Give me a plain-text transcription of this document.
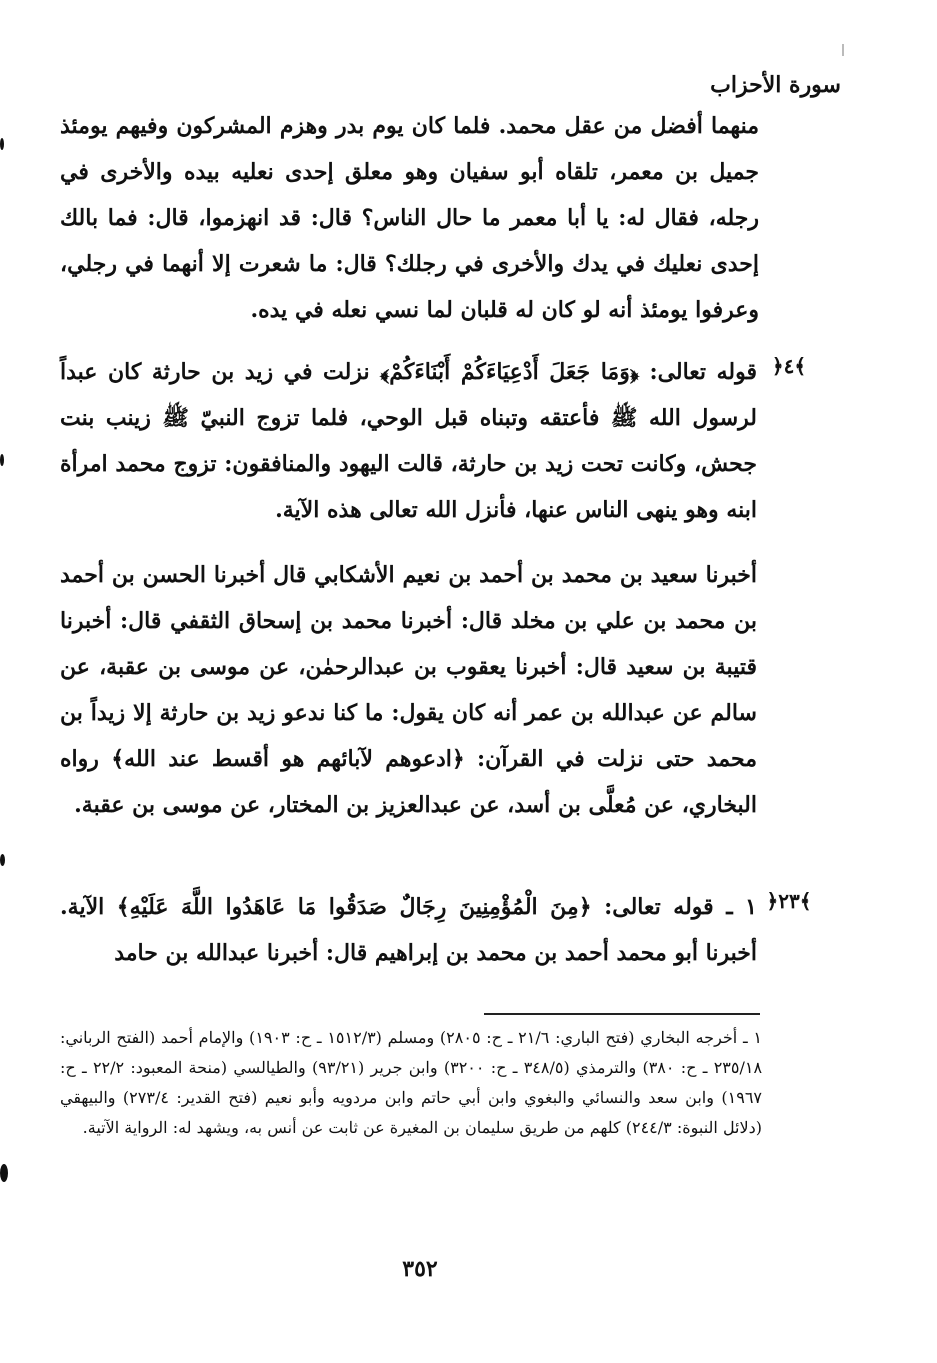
سورة الأحزاب
منهما أفضل من عقل محمد. فلما كان يوم بدر وهزم المشركون وفيهم يومئذ جميل بن معمر، تلقاه أبو سفيان وهو معلق إحدى نعليه بيده والأخرى في رجله، فقال له: يا أبا معمر ما حال الناس؟ قال: قد انهزموا، قال: فما بالك إحدى نعليك في يدك والأخرى في رجلك؟ قال: ما شعرت إلا أنهما في رجلي، وعرفوا يومئذ أنه لو كان له قلبان لما نسي نعله في يده.
﴿٤﴾
قوله تعالى: ﴿وَمَا جَعَلَ أَدْعِيَاءَكُمْ أَبْنَاءَكُمْ﴾ نزلت في زيد بن حارثة كان عبداً لرسول الله ﷺ فأعتقه وتبناه قبل الوحي، فلما تزوج النبيّ ﷺ زينب بنت جحش، وكانت تحت زيد بن حارثة، قالت اليهود والمنافقون: تزوج محمد امرأة ابنه وهو ينهى الناس عنها، فأنزل الله تعالى هذه الآية.
أخبرنا سعيد بن محمد بن أحمد بن نعيم الأشكابي قال أخبرنا الحسن بن أحمد بن محمد بن علي بن مخلد قال: أخبرنا محمد بن إسحاق الثقفي قال: أخبرنا قتيبة بن سعيد قال: أخبرنا يعقوب بن عبدالرحمٰن، عن موسى بن عقبة، عن سالم عن عبدالله بن عمر أنه كان يقول: ما كنا ندعو زيد بن حارثة إلا زيداً بن محمد حتى نزلت في القرآن: ﴿ادعوهم لآبائهم هو أقسط عند الله﴾ رواه البخاري، عن مُعلَّى بن أسد، عن عبدالعزيز بن المختار، عن موسى بن عقبة.
﴿٢٣﴾
١ ـ قوله تعالى: ﴿مِنَ الْمُؤْمِنِينَ رِجَالٌ صَدَقُوا مَا عَاهَدُوا اللَّهَ عَلَيْهِ﴾ الآية. أخبرنا أبو محمد أحمد بن محمد بن إبراهيم قال: أخبرنا عبدالله بن حامد
١ ـ أخرجه البخاري (فتح الباري: ٢١/٦ ـ ح: ٢٨٠٥) ومسلم (١٥١٢/٣ ـ ح: ١٩٠٣) والإمام أحمد (الفتح الرباني: ٢٣٥/١٨ ـ ح: ٣٨٠) والترمذي (٣٤٨/٥ ـ ح: ٣٢٠٠) وابن جرير (٩٣/٢١) والطيالسي (منحة المعبود: ٢٢/٢ ـ ح: ١٩٦٧) وابن سعد والنسائي والبغوي وابن أبي حاتم وابن مردويه وأبو نعيم (فتح القدير: ٢٧٣/٤) والبيهقي (دلائل النبوة: ٢٤٤/٣) كلهم من طريق سليمان بن المغيرة عن ثابت عن أنس به، ويشهد له: الرواية الآتية.
٣٥٢
